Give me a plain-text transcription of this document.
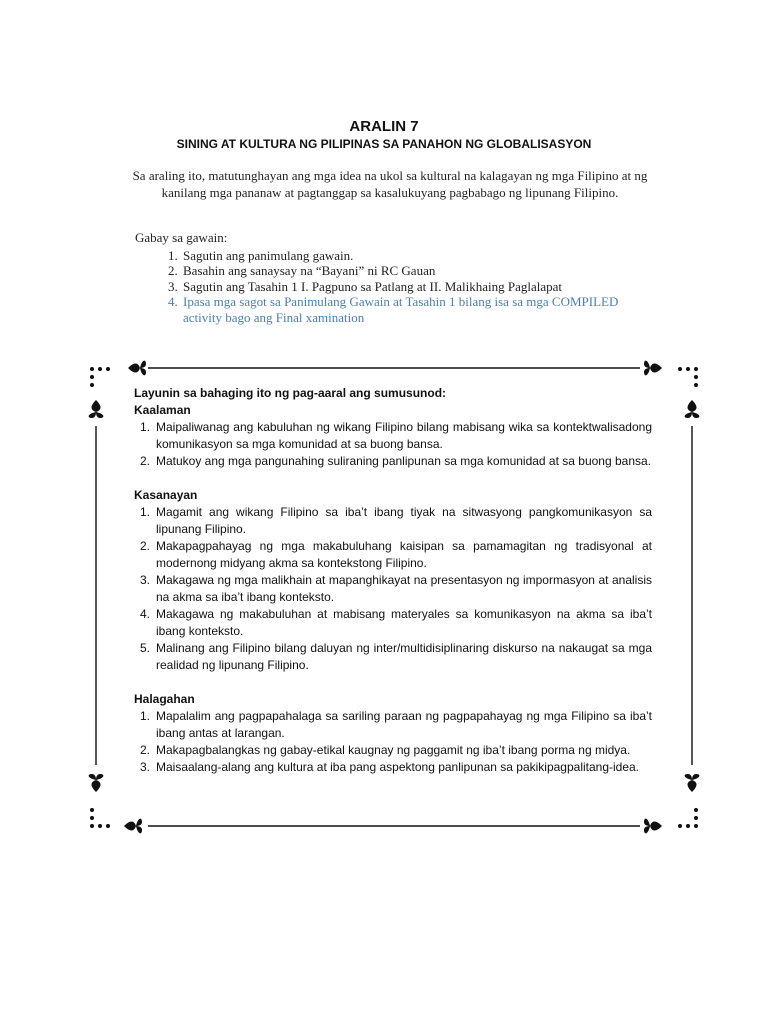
ARALIN 7
SINING AT KULTURA NG PILIPINAS SA PANAHON NG GLOBALISASYON
Sa araling ito, matutunghayan ang mga idea na ukol sa kultural na kalagayan ng mga Filipino at ng kanilang mga pananaw at pagtanggap sa kasalukuyang pagbabago ng lipunang Filipino.
Gabay sa gawain:
1. Sagutin ang panimulang gawain.
2. Basahin ang sanaysay na “Bayani” ni RC Gauan
3. Sagutin ang Tasahin 1 I. Pagpuno sa Patlang at II. Malikhaing Paglalapat
4. Ipasa mga sagot sa Panimulang Gawain at Tasahin 1 bilang isa sa mga COMPILED activity bago ang Final xamination
Layunin sa bahaging ito ng pag-aaral ang sumusunod:
Kaalaman
1. Maipaliwanag ang kabuluhan ng wikang Filipino bilang mabisang wika sa kontektwalisadong komunikasyon sa mga komunidad at sa buong bansa.
2. Matukoy ang mga pangunahing suliraning panlipunan sa mga komunidad at sa buong bansa.
Kasanayan
1. Magamit ang wikang Filipino sa iba’t ibang tiyak na sitwasyong pangkomunikasyon sa lipunang Filipino.
2. Makapagpahayag ng mga makabuluhang kaisipan sa pamamagitan ng tradisyonal at modernong midyang akma sa kontekstong Filipino.
3. Makagawa ng mga malikhain at mapanghikayat na presentasyon ng impormasyon at analisis na akma sa iba’t ibang konteksto.
4. Makagawa ng makabuluhan at mabisang materyales sa komunikasyon na akma sa iba’t ibang konteksto.
5. Malinang ang Filipino bilang daluyan ng inter/multidisiplinaring diskurso na nakaugat sa mga realidad ng lipunang Filipino.
Halagahan
1. Mapalalim ang pagpapahalaga sa sariling paraan ng pagpapahayag ng mga Filipino sa iba’t ibang antas at larangan.
2. Makapagbalangkas ng gabay-etikal kaugnay ng paggamit ng iba’t ibang porma ng midya.
3. Maisaalang-alang ang kultura at iba pang aspektong panlipunan sa pakikipagpalitang-idea.
